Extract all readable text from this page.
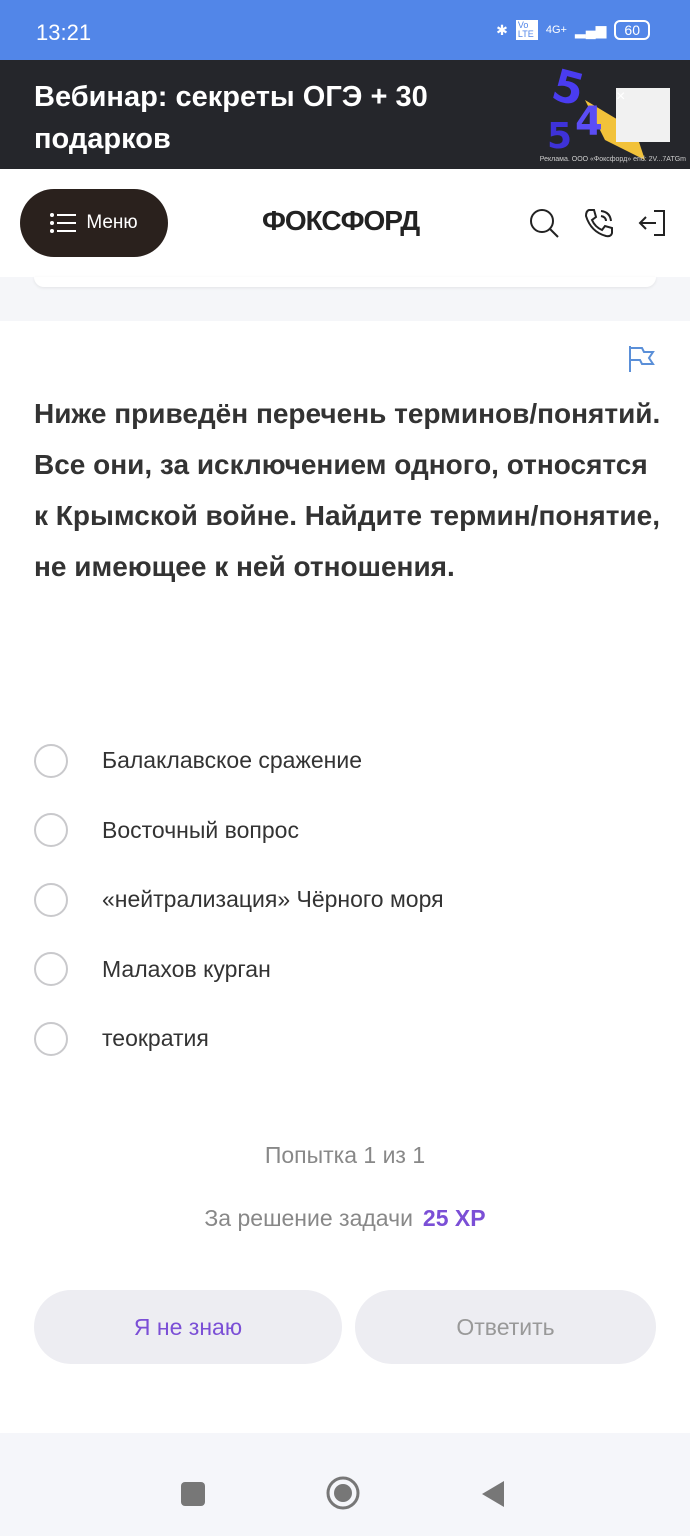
13:21	✱ Vo LTE	4G+ ▂▄▆	60
Вебинар: секреты ОГЭ + 30 подарков
5
4
5
Реклама. ООО «Фоксфорд» erid: 2V...7ATGm
×
Меню	ФОКСФОРД
Ниже приведён перечень терминов/понятий. Все они, за исключением одного, относятся к Крымской войне. Найдите термин/понятие, не имеющее к ней отношения.
Балаклавское сражение
Восточный вопрос
«нейтрализация» Чёрного моря
Малахов курган
теократия
Попытка 1 из 1
За решение задачи 25 XP
Я не знаю	Ответить
